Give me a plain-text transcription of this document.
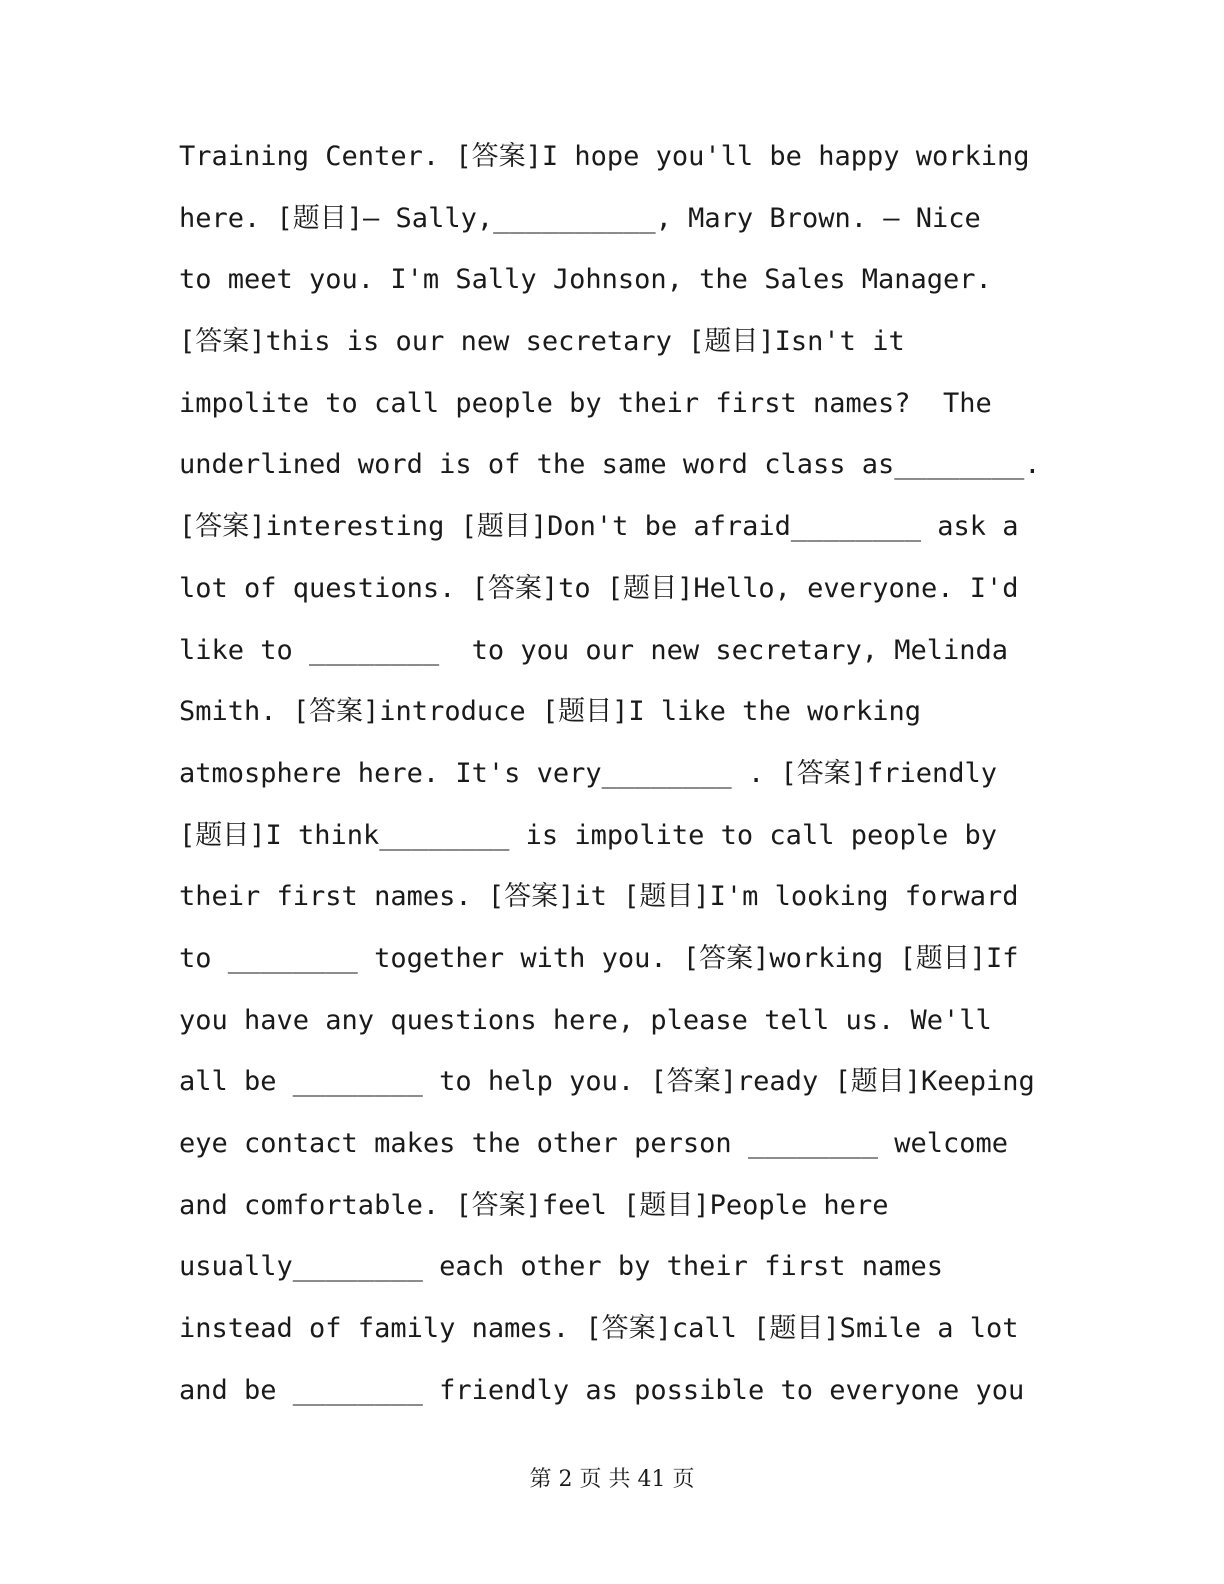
Training Center. [答案]I hope you'll be happy working
here. [题目]— Sally,__________, Mary Brown. — Nice
to meet you. I'm Sally Johnson, the Sales Manager.
[答案]this is our new secretary [题目]Isn't it
impolite to call people by their first names?  The
underlined word is of the same word class as________.
[答案]interesting [题目]Don't be afraid________ ask a
lot of questions. [答案]to [题目]Hello, everyone. I'd
like to ________  to you our new secretary, Melinda
Smith. [答案]introduce [题目]I like the working
atmosphere here. It's very________ . [答案]friendly
[题目]I think________ is impolite to call people by
their first names. [答案]it [题目]I'm looking forward
to ________ together with you. [答案]working [题目]If
you have any questions here, please tell us. We'll
all be ________ to help you. [答案]ready [题目]Keeping
eye contact makes the other person ________ welcome
and comfortable. [答案]feel [题目]People here
usually________ each other by their first names
instead of family names. [答案]call [题目]Smile a lot
and be ________ friendly as possible to everyone you
第 2 页 共 41 页
